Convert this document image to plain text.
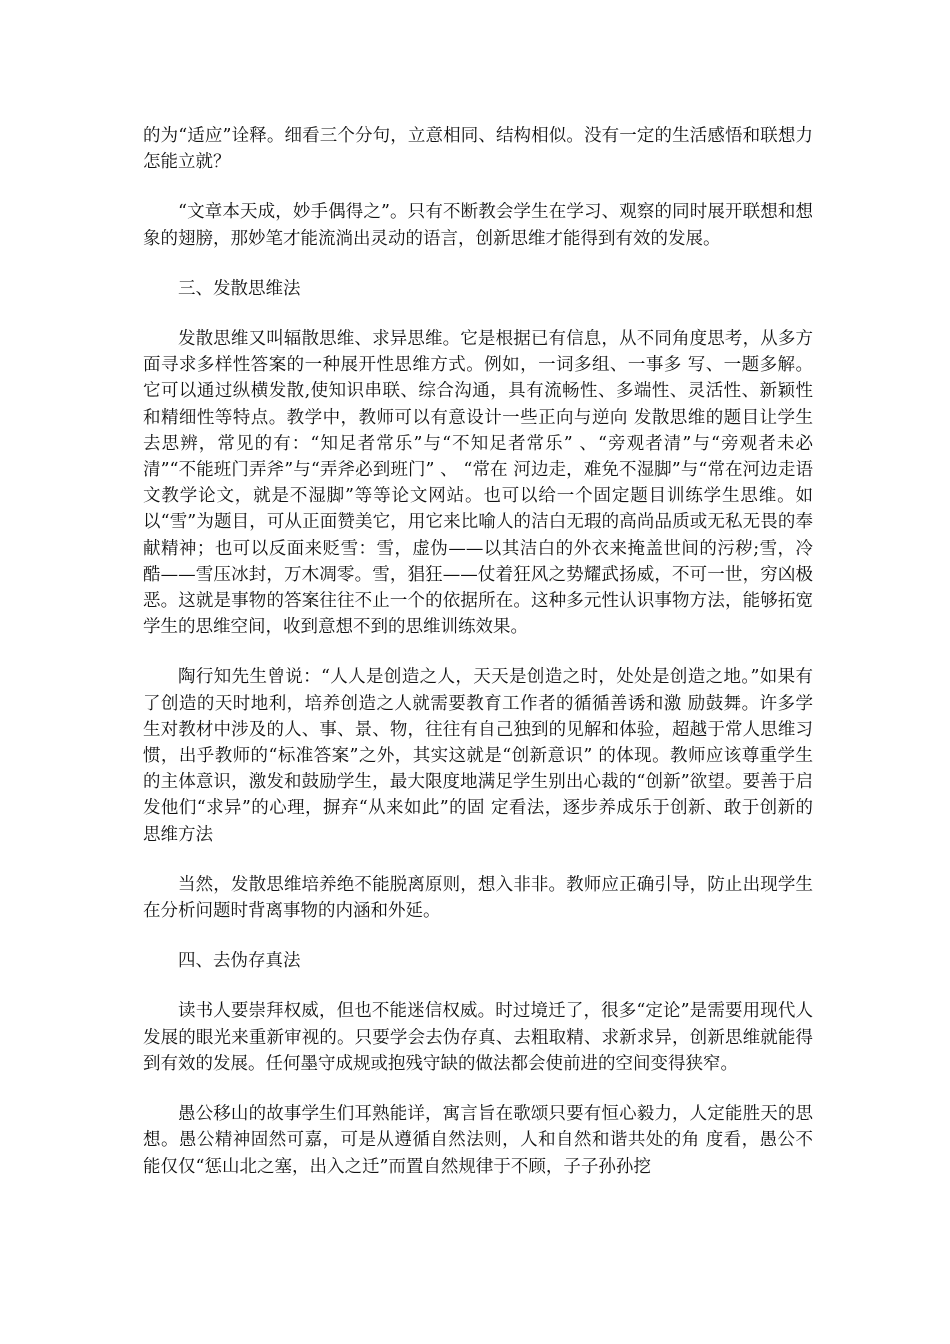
的为“适应”诠释。细看三个分句，立意相同、结构相似。没有一定的生活感悟和联想力怎能立就？

“文章本天成，妙手偶得之”。只有不断教会学生在学习、观察的同时展开联想和想象的翅膀，那妙笔才能流淌出灵动的语言，创新思维才能得到有效的发展。

三、发散思维法

发散思维又叫辐散思维、求异思维。它是根据已有信息，从不同角度思考，从多方面寻求多样性答案的一种展开性思维方式。例如，一词多组、一事多 写、一题多解。它可以通过纵横发散,使知识串联、综合沟通，具有流畅性、多端性、灵活性、新颖性和精细性等特点。教学中，教师可以有意设计一些正向与逆向 发散思维的题目让学生去思辨，常见的有：“知足者常乐”与“不知足者常乐” 、“旁观者清”与“旁观者未必清”“不能班门弄斧”与“弄斧必到班门” 、 “常在 河边走，难免不湿脚”与“常在河边走语文教学论文，就是不湿脚”等等论文网站。也可以给一个固定题目训练学生思维。如以“雪”为题目，可从正面赞美它，用它来比喻人的洁白无瑕的高尚品质或无私无畏的奉献精神；也可以反面来贬雪：雪，虚伪——以其洁白的外衣来掩盖世间的污秽;雪，冷酷——雪压冰封，万木凋零。雪，猖狂——仗着狂风之势耀武扬威，不可一世，穷凶极恶。这就是事物的答案往往不止一个的依据所在。这种多元性认识事物方法，能够拓宽学生的思维空间，收到意想不到的思维训练效果。

陶行知先生曾说：“人人是创造之人，天天是创造之时，处处是创造之地。”如果有了创造的天时地利，培养创造之人就需要教育工作者的循循善诱和激 励鼓舞。许多学生对教材中涉及的人、事、景、物，往往有自己独到的见解和体验，超越于常人思维习惯，出乎教师的“标准答案”之外，其实这就是“创新意识” 的体现。教师应该尊重学生的主体意识，激发和鼓励学生，最大限度地满足学生别出心裁的“创新”欲望。要善于启发他们“求异”的心理，摒弃“从来如此”的固 定看法，逐步养成乐于创新、敢于创新的思维方法

当然，发散思维培养绝不能脱离原则，想入非非。教师应正确引导，防止出现学生在分析问题时背离事物的内涵和外延。

四、去伪存真法

读书人要崇拜权威，但也不能迷信权威。时过境迁了，很多“定论”是需要用现代人发展的眼光来重新审视的。只要学会去伪存真、去粗取精、求新求异，创新思维就能得到有效的发展。任何墨守成规或抱残守缺的做法都会使前进的空间变得狭窄。

愚公移山的故事学生们耳熟能详，寓言旨在歌颂只要有恒心毅力，人定能胜天的思想。愚公精神固然可嘉，可是从遵循自然法则，人和自然和谐共处的角 度看，愚公不能仅仅“惩山北之塞，出入之迁”而置自然规律于不顾，子子孙孙挖
